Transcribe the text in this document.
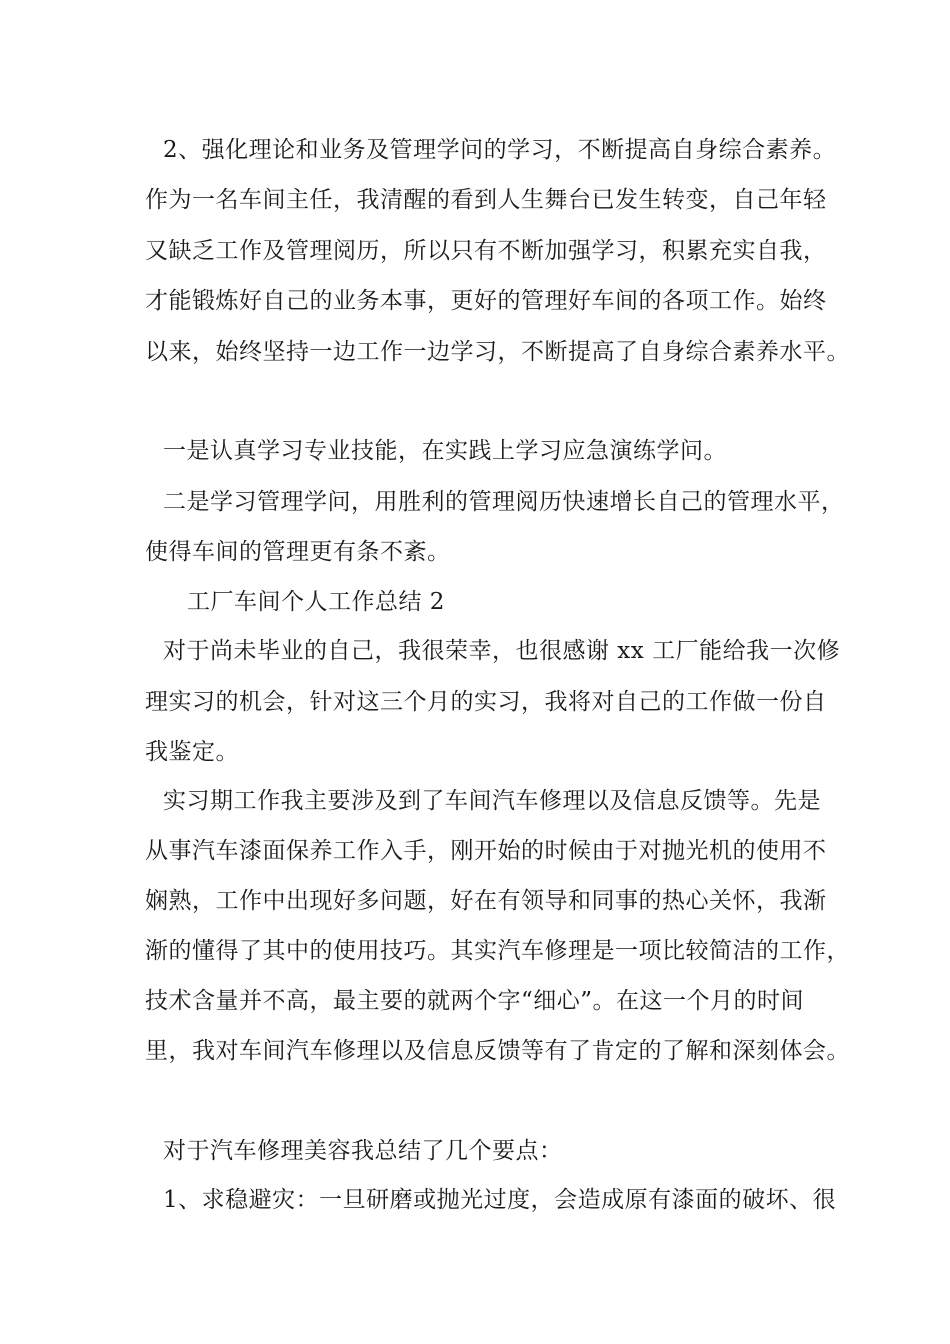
2、强化理论和业务及管理学问的学习，不断提高自身综合素养。
作为一名车间主任，我清醒的看到人生舞台已发生转变，自己年轻
又缺乏工作及管理阅历，所以只有不断加强学习，积累充实自我，
才能锻炼好自己的业务本事，更好的管理好车间的各项工作。始终
以来，始终坚持一边工作一边学习，不断提高了自身综合素养水平。
一是认真学习专业技能，在实践上学习应急演练学问。
二是学习管理学问，用胜利的管理阅历快速增长自己的管理水平，
使得车间的管理更有条不紊。
工厂车间个人工作总结 2
对于尚未毕业的自己，我很荣幸，也很感谢 xx 工厂能给我一次修
理实习的机会，针对这三个月的实习，我将对自己的工作做一份自
我鉴定。
实习期工作我主要涉及到了车间汽车修理以及信息反馈等。先是
从事汽车漆面保养工作入手，刚开始的时候由于对抛光机的使用不
娴熟，工作中出现好多问题，好在有领导和同事的热心关怀，我渐
渐的懂得了其中的使用技巧。其实汽车修理是一项比较简洁的工作，
技术含量并不高，最主要的就两个字“细心”。在这一个月的时间
里，我对车间汽车修理以及信息反馈等有了肯定的了解和深刻体会。
对于汽车修理美容我总结了几个要点：
1、求稳避灾：一旦研磨或抛光过度，会造成原有漆面的破坏、很
